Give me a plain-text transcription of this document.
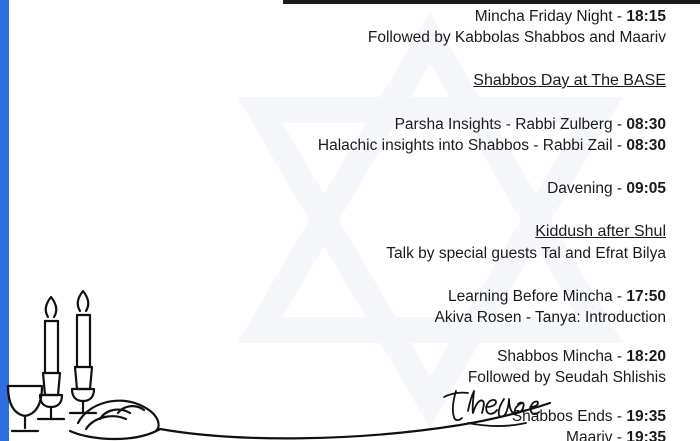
Mincha Friday Night - 18:15
Followed by Kabbolas Shabbos and Maariv
Shabbos Day at The BASE
Parsha Insights - Rabbi Zulberg - 08:30
Halachic insights into Shabbos - Rabbi Zail - 08:30
Davening - 09:05
Kiddush after Shul
Talk by special guests Tal and Efrat Bilya
Learning Before Mincha - 17:50
Akiva Rosen - Tanya: Introduction
Shabbos Mincha - 18:20
Followed by Seudah Shlishis
Shabbos Ends - 19:35
Maariv - 19:35
